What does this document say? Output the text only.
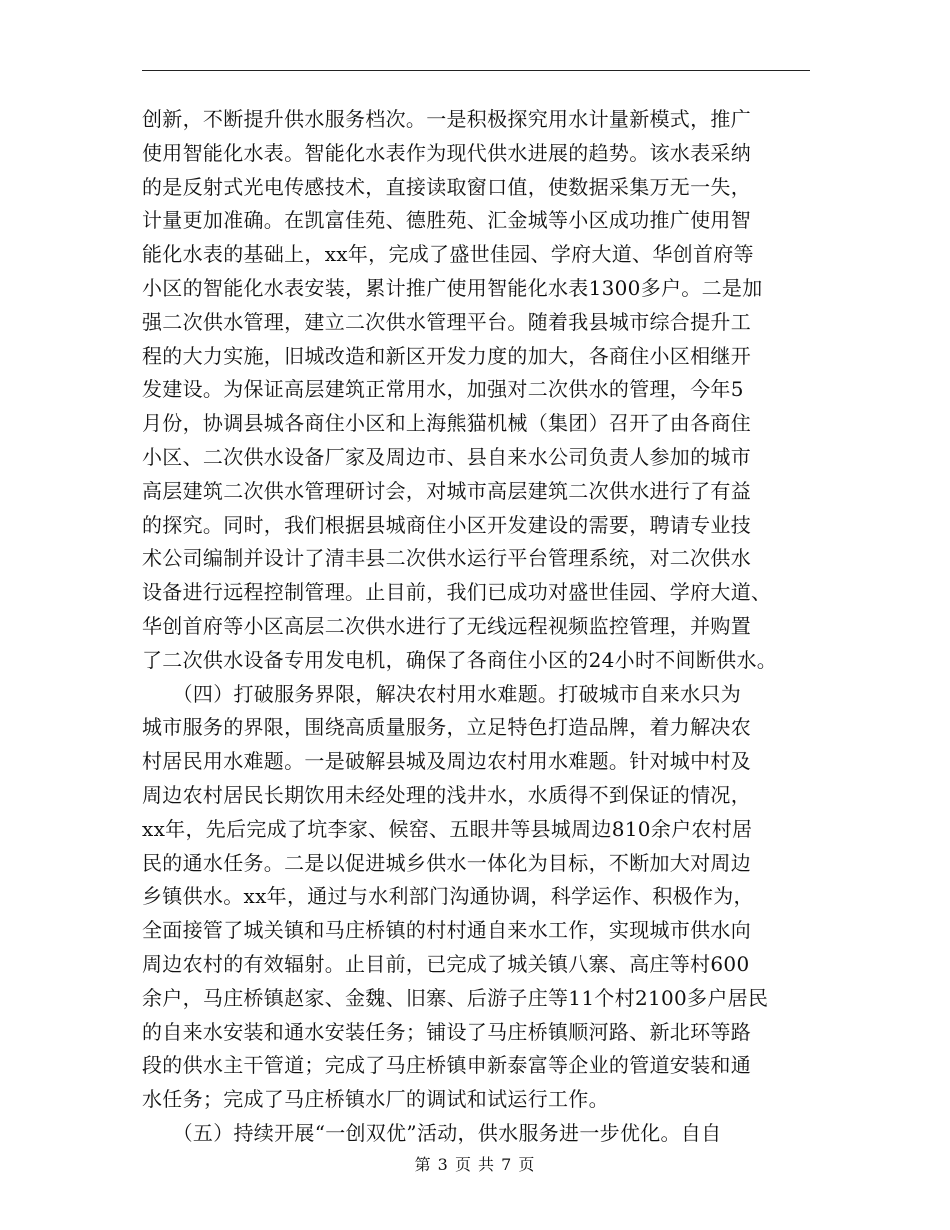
创新，不断提升供水服务档次。一是积极探究用水计量新模式，推广
使用智能化水表。智能化水表作为现代供水进展的趋势。该水表采纳
的是反射式光电传感技术，直接读取窗口值，使数据采集万无一失，
计量更加准确。在凯富佳苑、德胜苑、汇金城等小区成功推广使用智
能化水表的基础上，xx年，完成了盛世佳园、学府大道、华创首府等
小区的智能化水表安装，累计推广使用智能化水表1300多户。二是加
强二次供水管理，建立二次供水管理平台。随着我县城市综合提升工
程的大力实施，旧城改造和新区开发力度的加大，各商住小区相继开
发建设。为保证高层建筑正常用水，加强对二次供水的管理，今年5
月份，协调县城各商住小区和上海熊猫机械（集团）召开了由各商住
小区、二次供水设备厂家及周边市、县自来水公司负责人参加的城市
高层建筑二次供水管理研讨会，对城市高层建筑二次供水进行了有益
的探究。同时，我们根据县城商住小区开发建设的需要，聘请专业技
术公司编制并设计了清丰县二次供水运行平台管理系统，对二次供水
设备进行远程控制管理。止目前，我们已成功对盛世佳园、学府大道、
华创首府等小区高层二次供水进行了无线远程视频监控管理，并购置
了二次供水设备专用发电机，确保了各商住小区的24小时不间断供水。
　　（四）打破服务界限，解决农村用水难题。打破城市自来水只为
城市服务的界限，围绕高质量服务，立足特色打造品牌，着力解决农
村居民用水难题。一是破解县城及周边农村用水难题。针对城中村及
周边农村居民长期饮用未经处理的浅井水，水质得不到保证的情况，
xx年，先后完成了坑李家、候窑、五眼井等县城周边810余户农村居
民的通水任务。二是以促进城乡供水一体化为目标，不断加大对周边
乡镇供水。xx年，通过与水利部门沟通协调，科学运作、积极作为，
全面接管了城关镇和马庄桥镇的村村通自来水工作，实现城市供水向
周边农村的有效辐射。止目前，已完成了城关镇八寨、高庄等村600
余户，马庄桥镇赵家、金魏、旧寨、后游子庄等11个村2100多户居民
的自来水安装和通水安装任务；铺设了马庄桥镇顺河路、新北环等路
段的供水主干管道；完成了马庄桥镇申新泰富等企业的管道安装和通
水任务；完成了马庄桥镇水厂的调试和试运行工作。
　　（五）持续开展“一创双优”活动，供水服务进一步优化。自自
第 3 页 共 7 页
